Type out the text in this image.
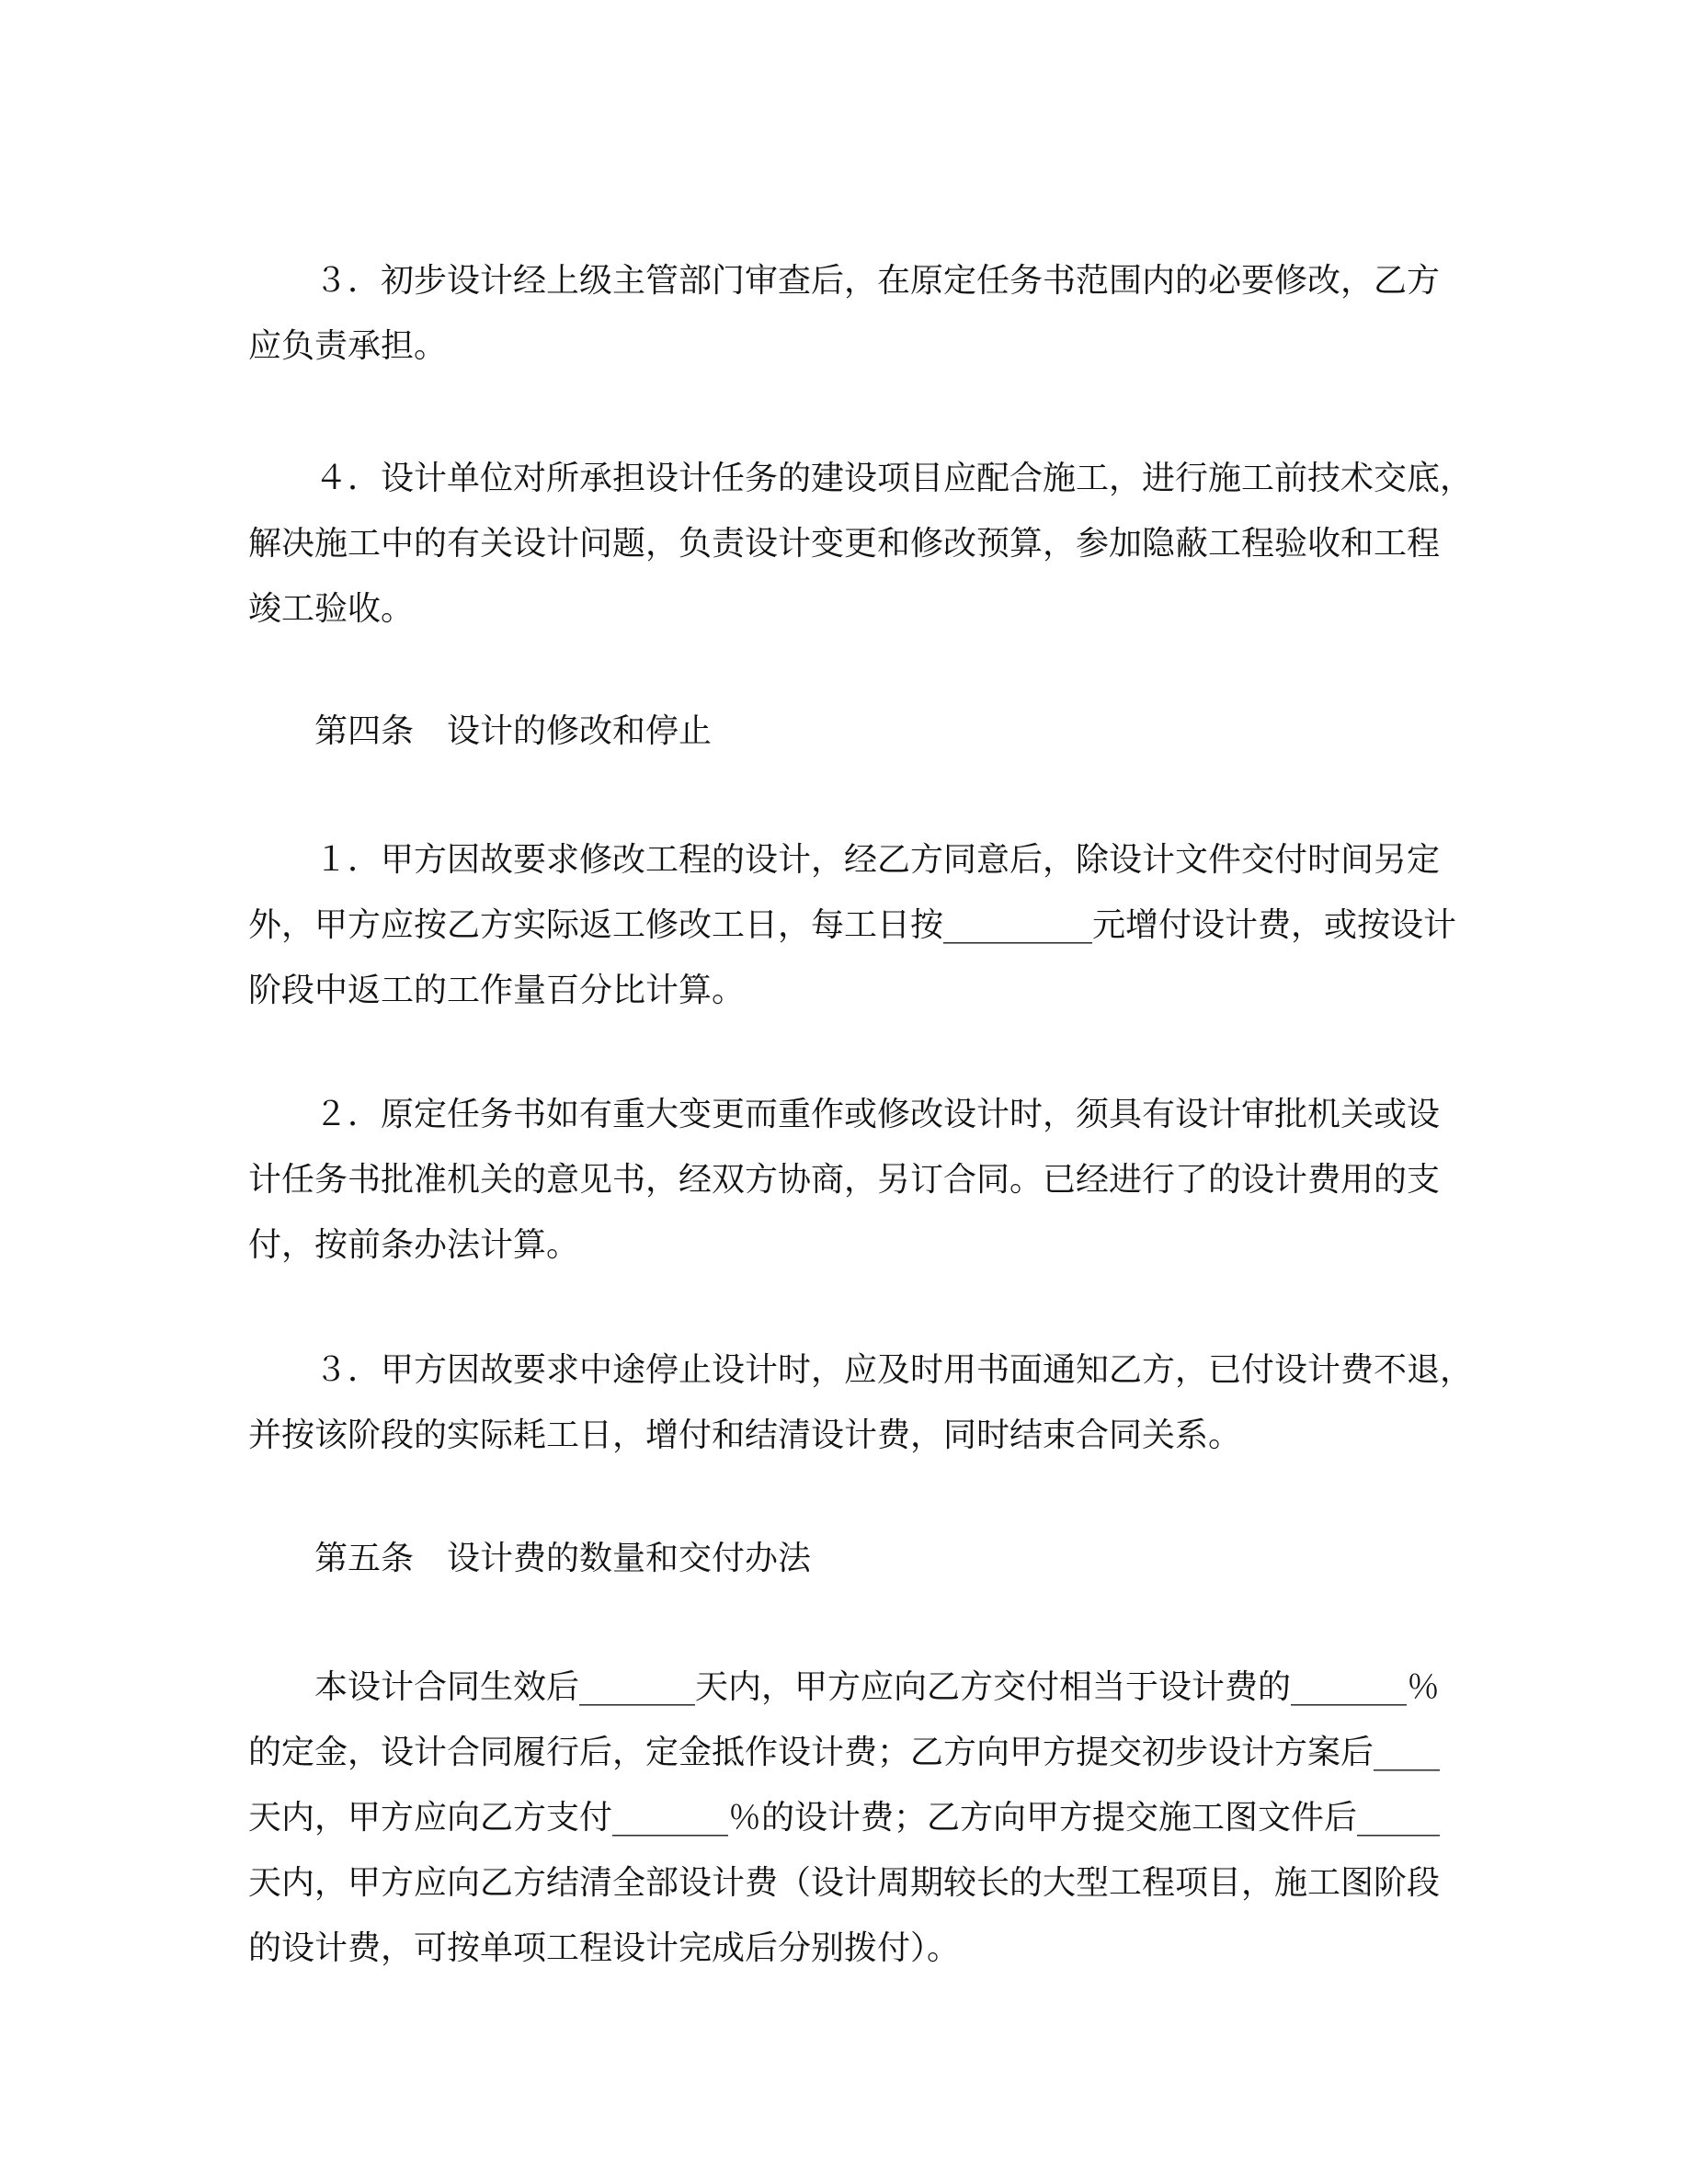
３．初步设计经上级主管部门审查后，在原定任务书范围内的必要修改，乙方
应负责承担。
４．设计单位对所承担设计任务的建设项目应配合施工，进行施工前技术交底，
解决施工中的有关设计问题，负责设计变更和修改预算，参加隐蔽工程验收和工程
竣工验收。
第四条 设计的修改和停止
１．甲方因故要求修改工程的设计，经乙方同意后，除设计文件交付时间另定
外，甲方应按乙方实际返工修改工日，每工日按_________元增付设计费，或按设计
阶段中返工的工作量百分比计算。
２．原定任务书如有重大变更而重作或修改设计时，须具有设计审批机关或设
计任务书批准机关的意见书，经双方协商，另订合同。已经进行了的设计费用的支
付，按前条办法计算。
３．甲方因故要求中途停止设计时，应及时用书面通知乙方，已付设计费不退，
并按该阶段的实际耗工日，增付和结清设计费，同时结束合同关系。
第五条 设计费的数量和交付办法
本设计合同生效后_______天内，甲方应向乙方交付相当于设计费的_______％
的定金，设计合同履行后，定金抵作设计费；乙方向甲方提交初步设计方案后____
天内，甲方应向乙方支付_______％的设计费；乙方向甲方提交施工图文件后_____
天内，甲方应向乙方结清全部设计费（设计周期较长的大型工程项目，施工图阶段
的设计费，可按单项工程设计完成后分别拨付）。
